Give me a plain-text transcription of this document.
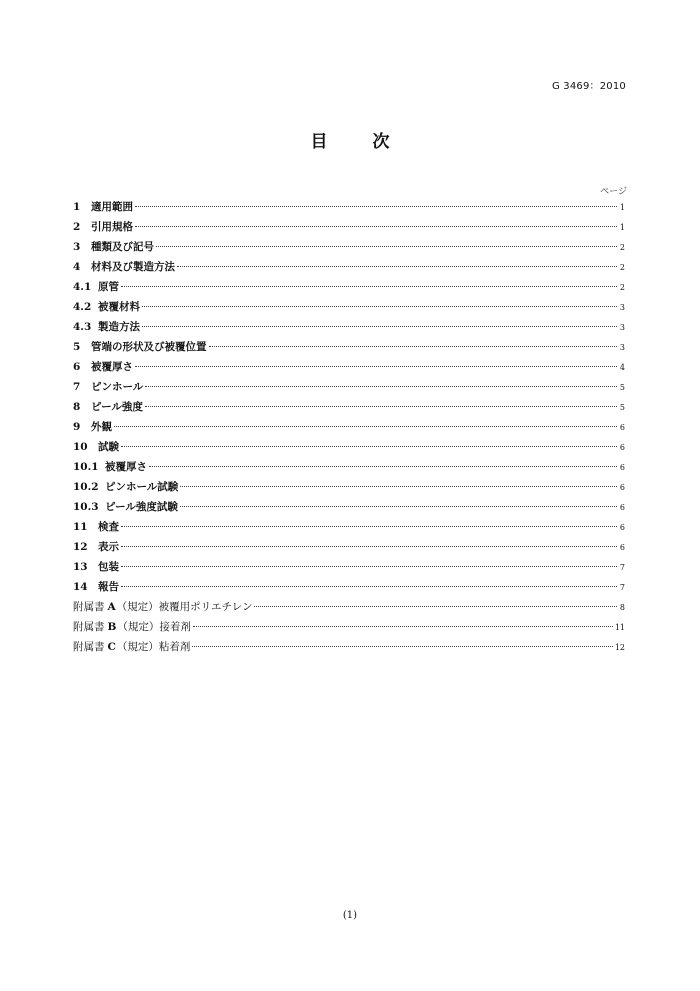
G 3469：2010
目　次
ページ
1	適用範囲	1
2	引用規格	1
3	種類及び記号	2
4	材料及び製造方法	2
4.1 原管	2
4.2 被覆材料	3
4.3 製造方法	3
5	管端の形状及び被覆位置	3
6	被覆厚さ	4
7	ピンホール	5
8	ピール強度	5
9	外観	6
10 試験	6
10.1 被覆厚さ	6
10.2 ピンホール試験	6
10.3 ピール強度試験	6
11 検査	6
12 表示	6
13 包装	7
14 報告	7
附属書 A （規定）被覆用ポリエチレン	8
附属書 B （規定）接着剤	11
附属書 C （規定）粘着剤	12
(1)
